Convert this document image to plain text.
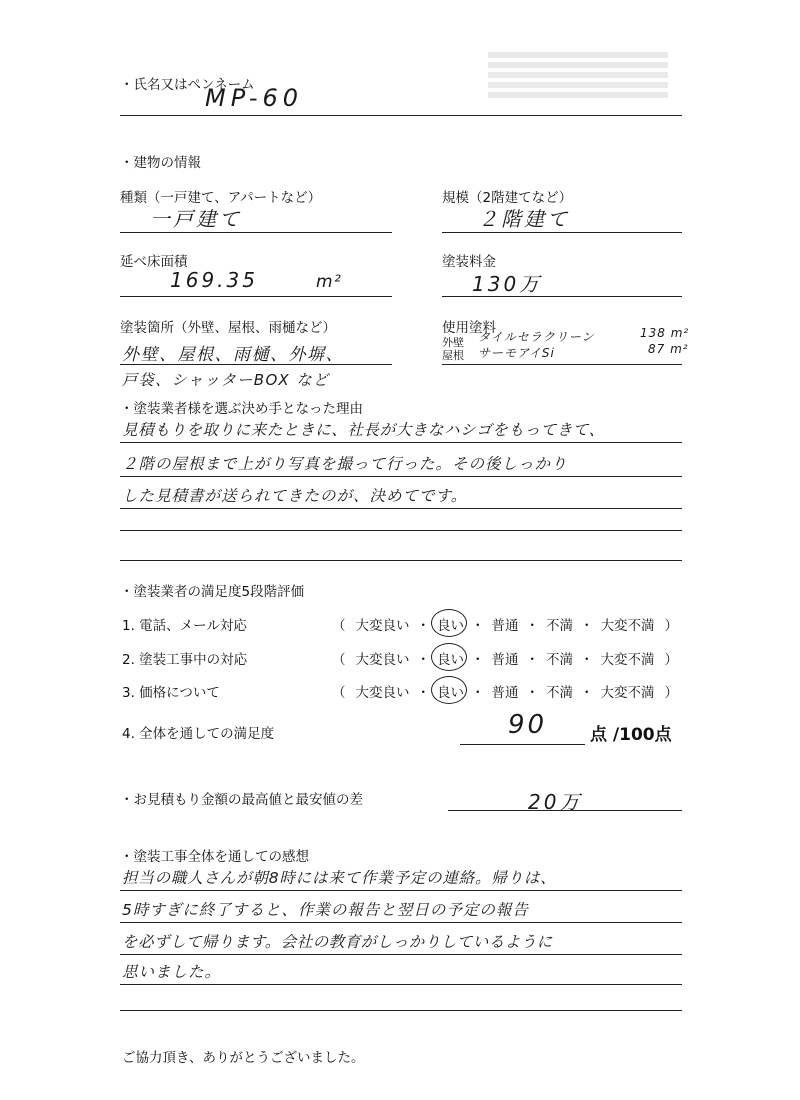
・氏名又はペンネーム
MP-60
・建物の情報
種類（一戸建て、アパートなど）
一戸建て
規模（2階建てなど）
２階建て
延べ床面積
169.35	m²
塗装料金
130万
塗装箇所（外壁、屋根、雨樋など）
外壁、屋根、雨樋、外塀、
戸袋、シャッターBOX など
使用塗料
外壁 タイルセラクリーン	138 m²
屋根 サーモアイSi	87 m²
・塗装業者様を選ぶ決め手となった理由
見積もりを取りに来たときに、社長が大きなハシゴをもってきて、
２階の屋根まで上がり写真を撮って行った。その後しっかり
した見積書が送られてきたのが、決めてです。
・塗装業者の満足度5段階評価
1. 電話、メール対応	（ 大変良い ・ 良い ・ 普通 ・ 不満 ・ 大変不満 ）
2. 塗装工事中の対応	（ 大変良い ・ 良い ・ 普通 ・ 不満 ・ 大変不満 ）
3. 価格について	（ 大変良い ・ 良い ・ 普通 ・ 不満 ・ 大変不満 ）
4. 全体を通しての満足度	90	点 /100点
・お見積もり金額の最高値と最安値の差	20万
・塗装工事全体を通しての感想
担当の職人さんが朝8時には来て作業予定の連絡。帰りは、
5時すぎに終了すると、作業の報告と翌日の予定の報告
を必ずして帰ります。会社の教育がしっかりしているように
思いました。
ご協力頂き、ありがとうございました。
